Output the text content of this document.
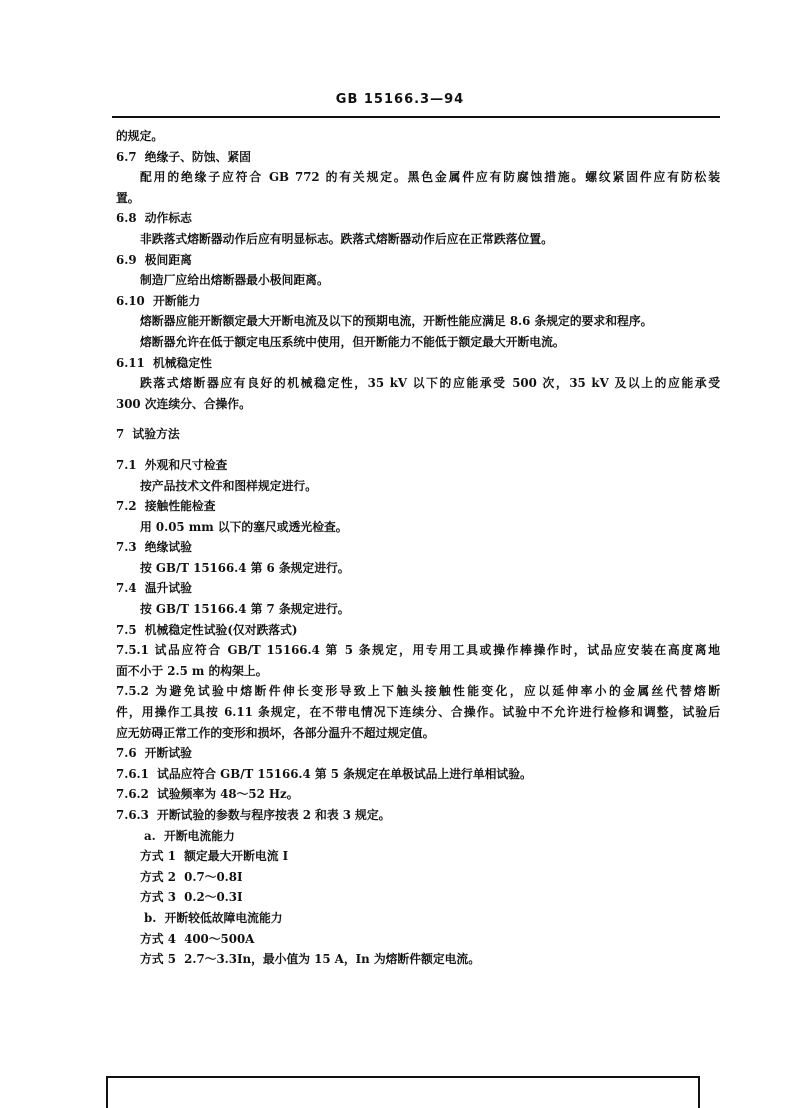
GB 15166.3—94

的规定。

6.7  绝缘子、防蚀、紧固

配用的绝缘子应符合 GB 772 的有关规定。黑色金属件应有防腐蚀措施。螺纹紧固件应有防松装

置。

6.8  动作标志

非跌落式熔断器动作后应有明显标志。跌落式熔断器动作后应在正常跌落位置。

6.9  极间距离

制造厂应给出熔断器最小极间距离。

6.10  开断能力

熔断器应能开断额定最大开断电流及以下的预期电流，开断性能应满足 8.6 条规定的要求和程序。

熔断器允许在低于额定电压系统中使用，但开断能力不能低于额定最大开断电流。

6.11  机械稳定性

跌落式熔断器应有良好的机械稳定性，35 kV 以下的应能承受 500 次，35 kV 及以上的应能承受

300 次连续分、合操作。

7  试验方法

7.1  外观和尺寸检查

按产品技术文件和图样规定进行。

7.2  接触性能检查

用 0.05 mm 以下的塞尺或透光检查。

7.3  绝缘试验

按 GB/T 15166.4 第 6 条规定进行。

7.4  温升试验

按 GB/T 15166.4 第 7 条规定进行。

7.5  机械稳定性试验(仅对跌落式)

7.5.1 试品应符合 GB/T 15166.4 第 5 条规定，用专用工具或操作棒操作时，试品应安装在高度离地

面不小于 2.5 m 的构架上。

7.5.2 为避免试验中熔断件伸长变形导致上下触头接触性能变化，应以延伸率小的金属丝代替熔断

件，用操作工具按 6.11 条规定，在不带电情况下连续分、合操作。试验中不允许进行检修和调整，试验后

应无妨碍正常工作的变形和损坏，各部分温升不超过规定值。

7.6  开断试验

7.6.1  试品应符合 GB/T 15166.4 第 5 条规定在单极试品上进行单相试验。

7.6.2  试验频率为 48～52 Hz。

7.6.3  开断试验的参数与程序按表 2 和表 3 规定。

a.  开断电流能力

方式 1  额定最大开断电流 I

方式 2  0.7～0.8I

方式 3  0.2～0.3I

b.  开断较低故障电流能力

方式 4  400～500A

方式 5  2.7～3.3In，最小值为 15 A，In 为熔断件额定电流。
